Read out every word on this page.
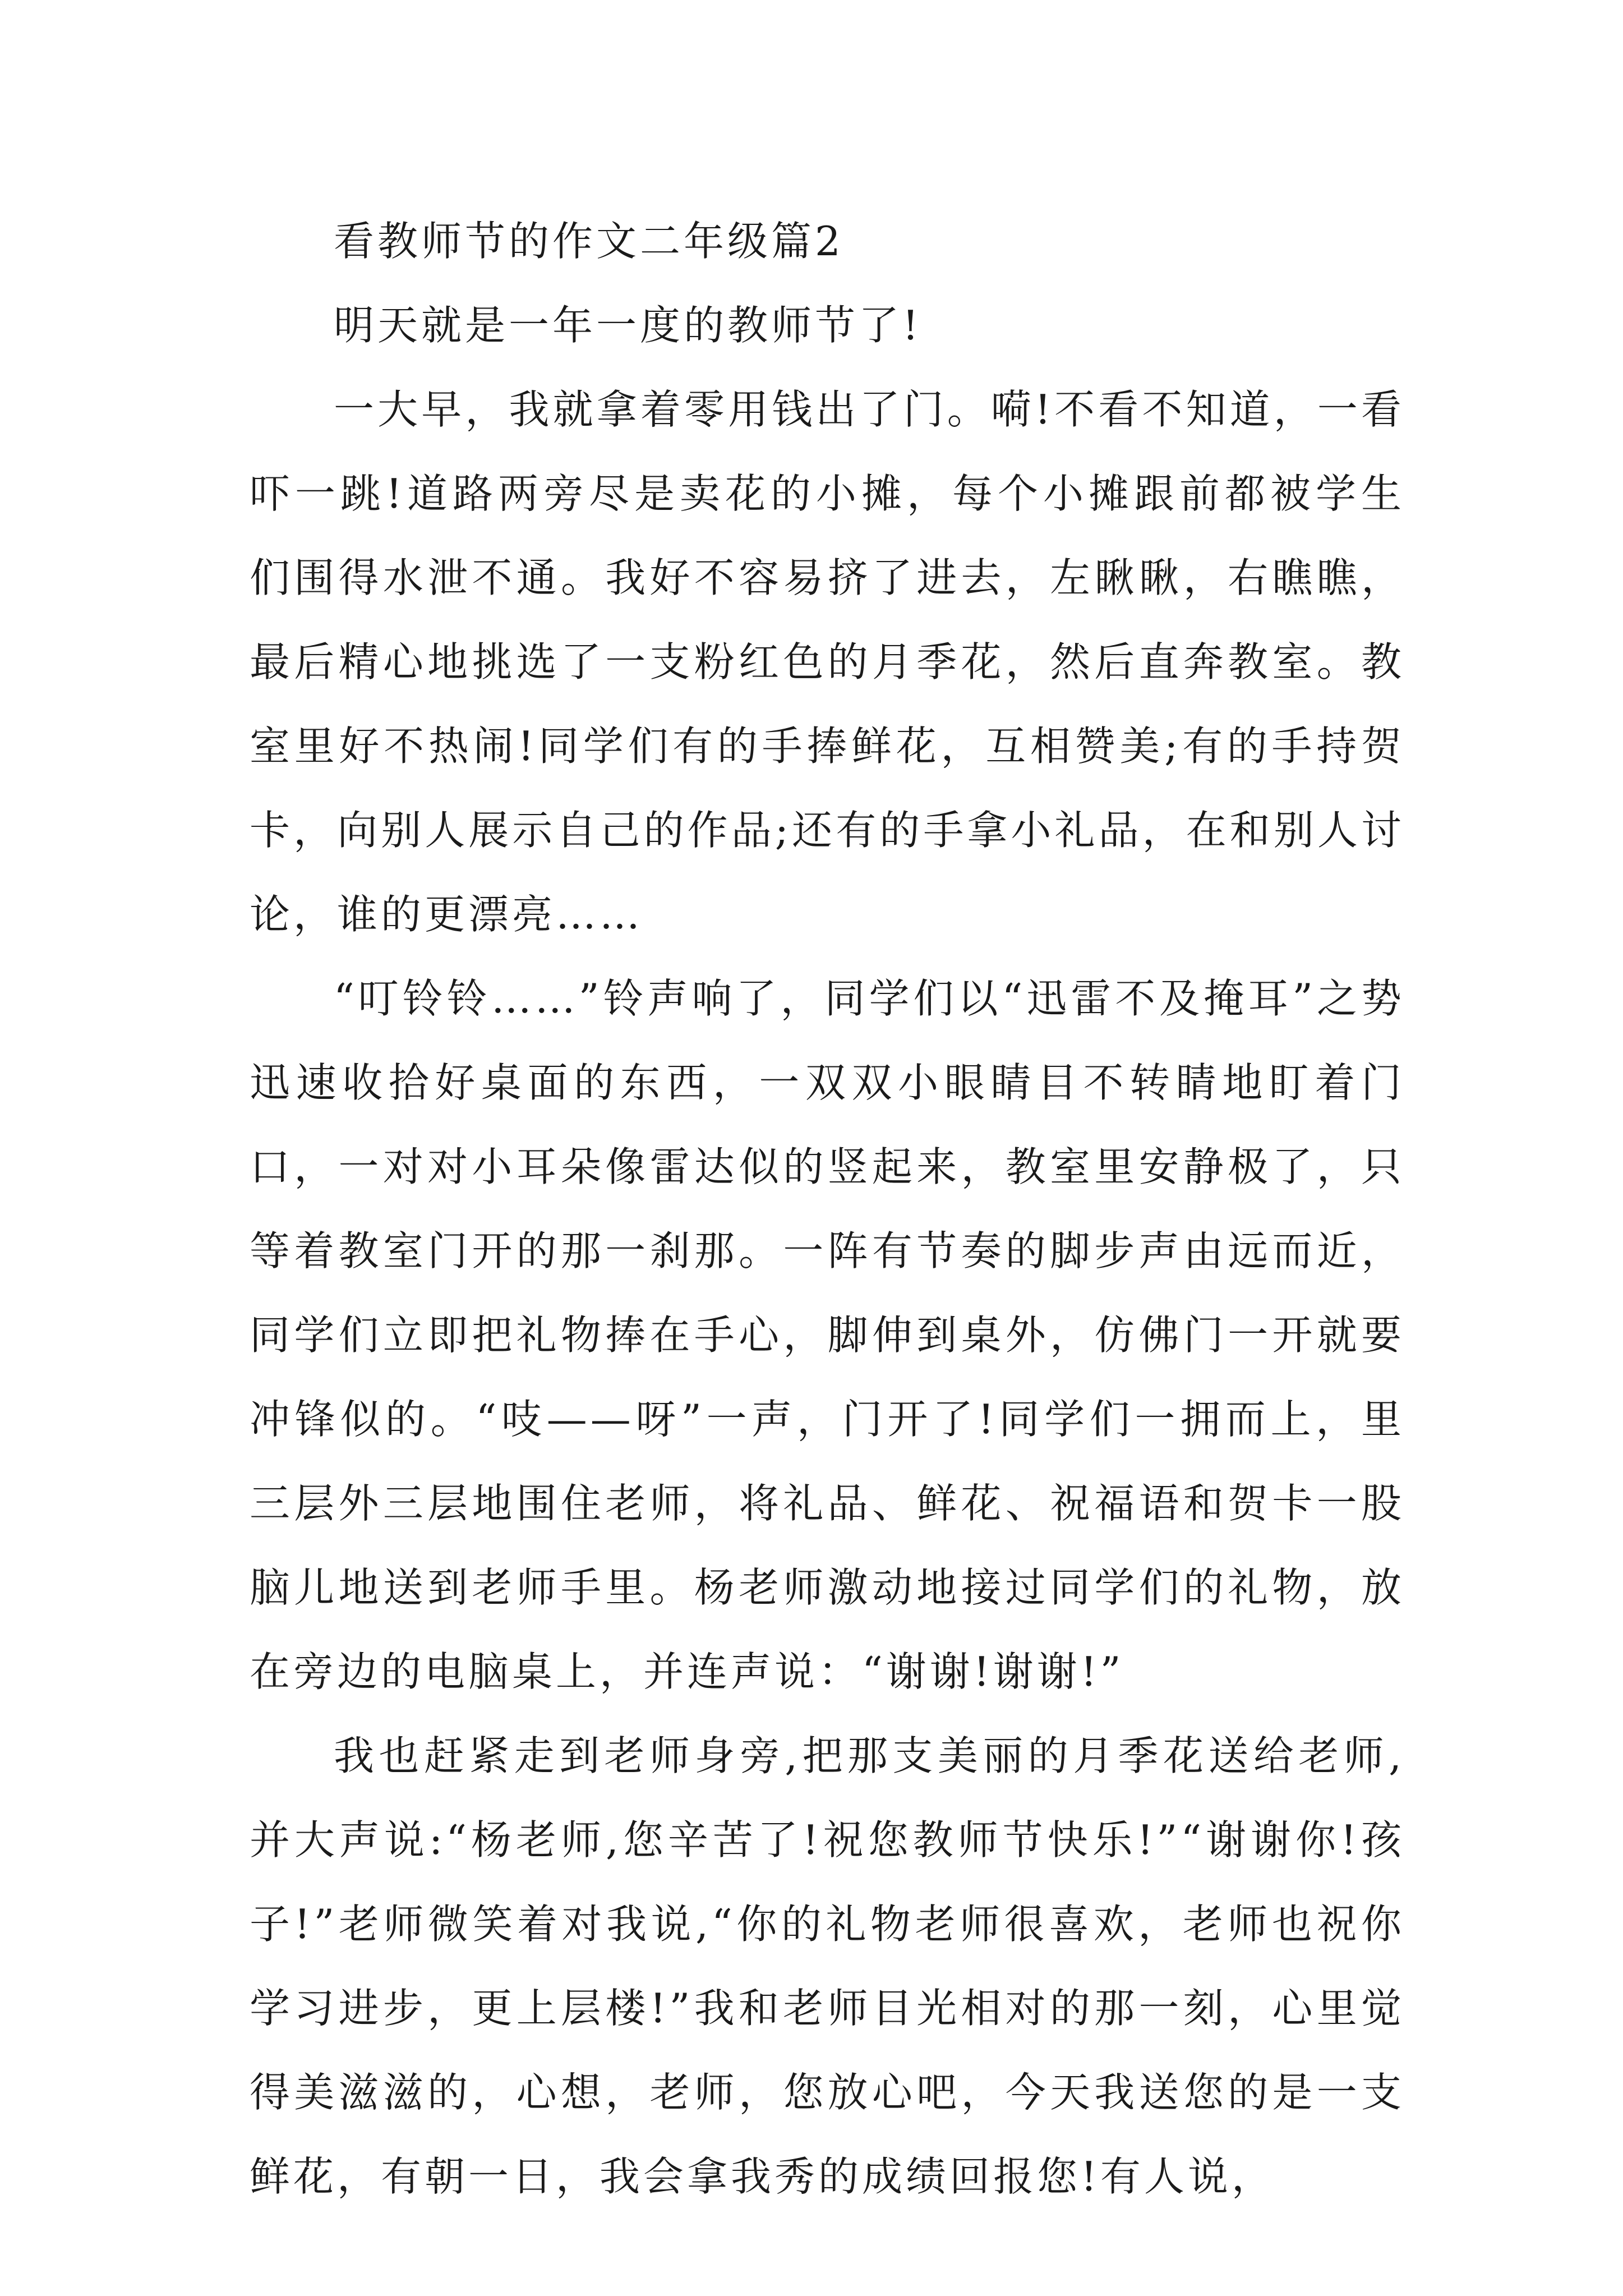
看教师节的作文二年级篇2

明天就是一年一度的教师节了!

一大早，我就拿着零用钱出了门。嗬!不看不知道，一看吓一跳!道路两旁尽是卖花的小摊，每个小摊跟前都被学生们围得水泄不通。我好不容易挤了进去，左瞅瞅，右瞧瞧，最后精心地挑选了一支粉红色的月季花，然后直奔教室。教室里好不热闹!同学们有的手捧鲜花，互相赞美;有的手持贺卡，向别人展示自己的作品;还有的手拿小礼品，在和别人讨论，谁的更漂亮……

“叮铃铃……”铃声响了，同学们以“迅雷不及掩耳”之势迅速收拾好桌面的东西，一双双小眼睛目不转睛地盯着门口，一对对小耳朵像雷达似的竖起来，教室里安静极了，只等着教室门开的那一刹那。一阵有节奏的脚步声由远而近，同学们立即把礼物捧在手心，脚伸到桌外，仿佛门一开就要冲锋似的。“吱——呀”一声，门开了!同学们一拥而上，里三层外三层地围住老师，将礼品、鲜花、祝福语和贺卡一股脑儿地送到老师手里。杨老师激动地接过同学们的礼物，放在旁边的电脑桌上，并连声说：“谢谢!谢谢!”

我也赶紧走到老师身旁,把那支美丽的月季花送给老师,并大声说:“杨老师,您辛苦了!祝您教师节快乐!”“谢谢你!孩子!”老师微笑着对我说,“你的礼物老师很喜欢，老师也祝你学习进步，更上层楼!”我和老师目光相对的那一刻，心里觉得美滋滋的，心想，老师，您放心吧，今天我送您的是一支鲜花，有朝一日，我会拿我秀的成绩回报您!有人说，
